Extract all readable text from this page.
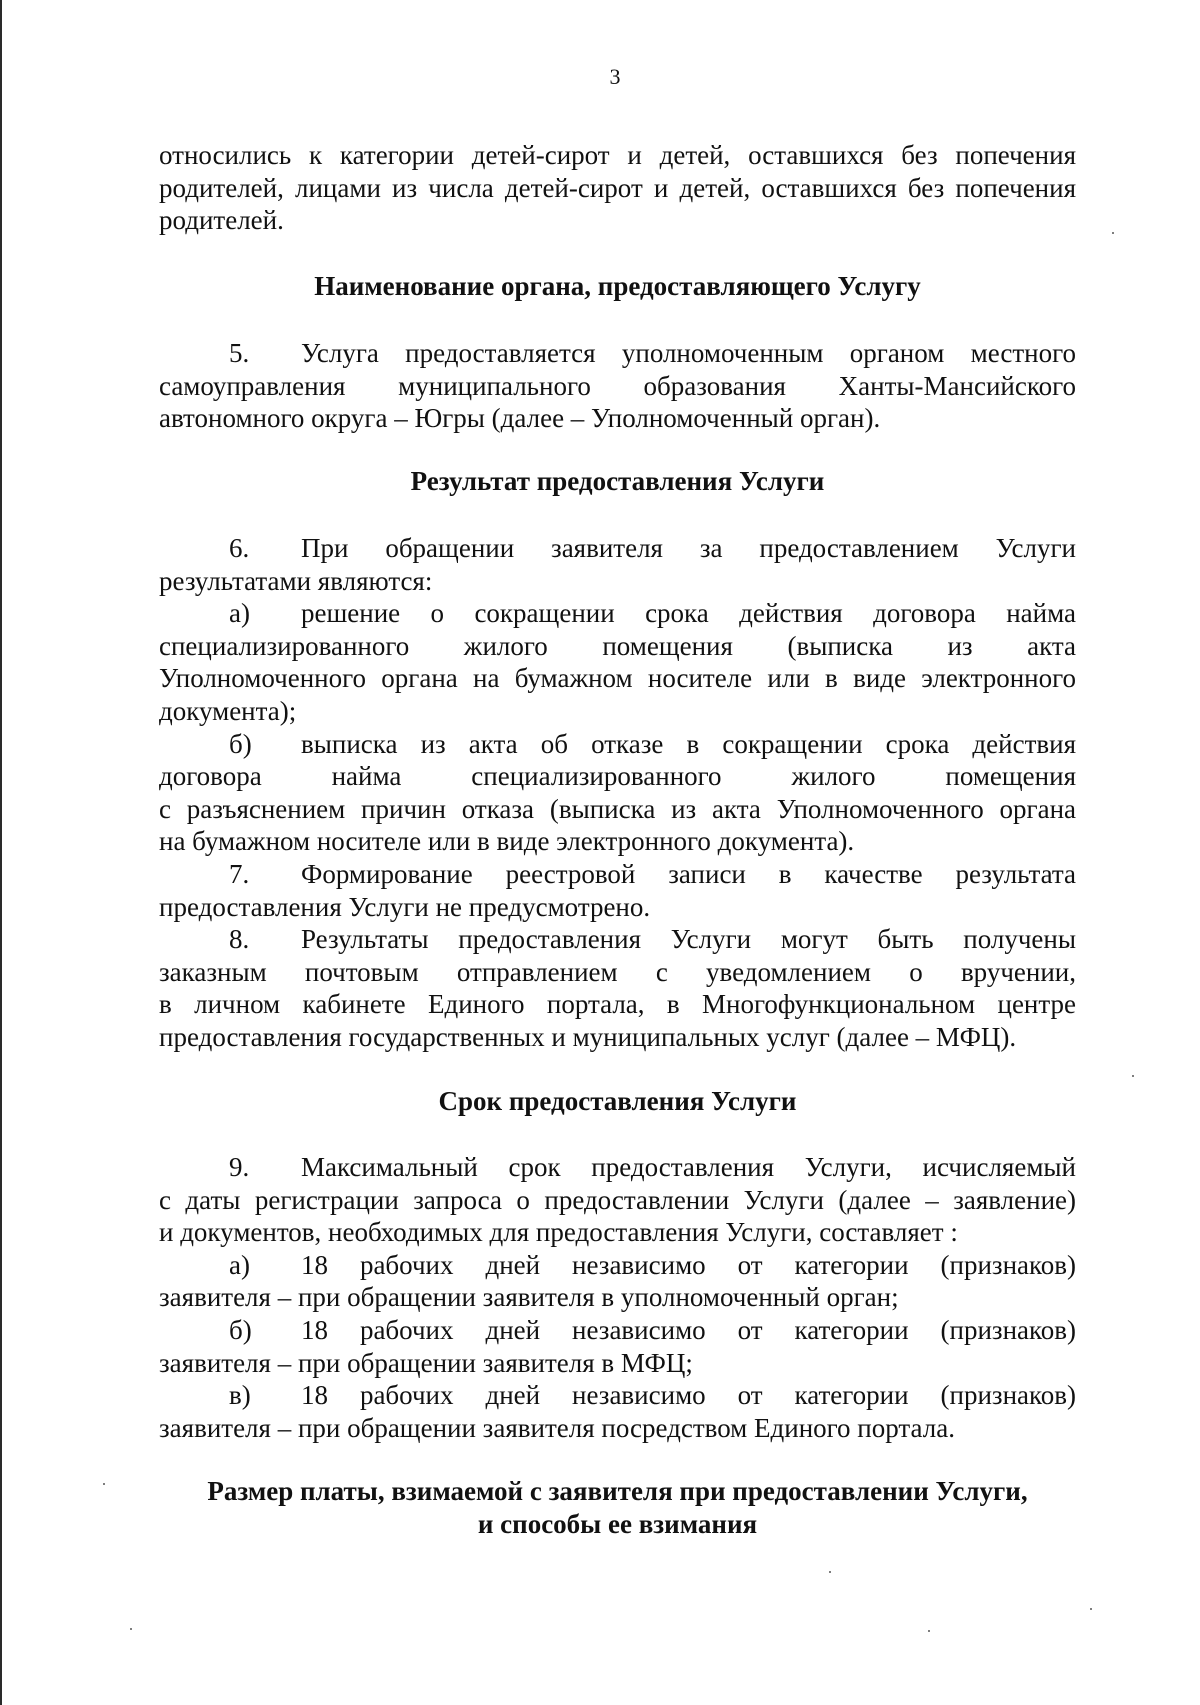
3
относились к категории детей-сирот и детей, оставшихся без попечения
родителей, лицами из числа детей-сирот и детей, оставшихся без попечения
родителей.
Наименование органа, предоставляющего Услугу
5.	Услуга предоставляется уполномоченным органом местного
самоуправления муниципального образования Ханты-Мансийского
автономного округа – Югры (далее – Уполномоченный орган).
Результат предоставления Услуги
6.	При обращении заявителя за предоставлением Услуги
результатами являются:
а)	решение о сокращении срока действия договора найма
специализированного жилого помещения (выписка из акта
Уполномоченного органа на бумажном носителе или в виде электронного
документа);
б)	выписка из акта об отказе в сокращении срока действия
договора найма специализированного жилого помещения
с разъяснением причин отказа (выписка из акта Уполномоченного органа
на бумажном носителе или в виде электронного документа).
7.	Формирование реестровой записи в качестве результата
предоставления Услуги не предусмотрено.
8.	Результаты предоставления Услуги могут быть получены
заказным почтовым отправлением с уведомлением о вручении,
в личном кабинете Единого портала, в Многофункциональном центре
предоставления государственных и муниципальных услуг (далее – МФЦ).
Срок предоставления Услуги
9.	Максимальный срок предоставления Услуги, исчисляемый
с даты регистрации запроса о предоставлении Услуги (далее – заявление)
и документов, необходимых для предоставления Услуги, составляет :
а)	18 рабочих дней независимо от категории (признаков)
заявителя – при обращении заявителя в уполномоченный орган;
б)	18 рабочих дней независимо от категории (признаков)
заявителя – при обращении заявителя в МФЦ;
в)	18 рабочих дней независимо от категории (признаков)
заявителя – при обращении заявителя посредством Единого портала.
Размер платы, взимаемой с заявителя при предоставлении Услуги,
и способы ее взимания
